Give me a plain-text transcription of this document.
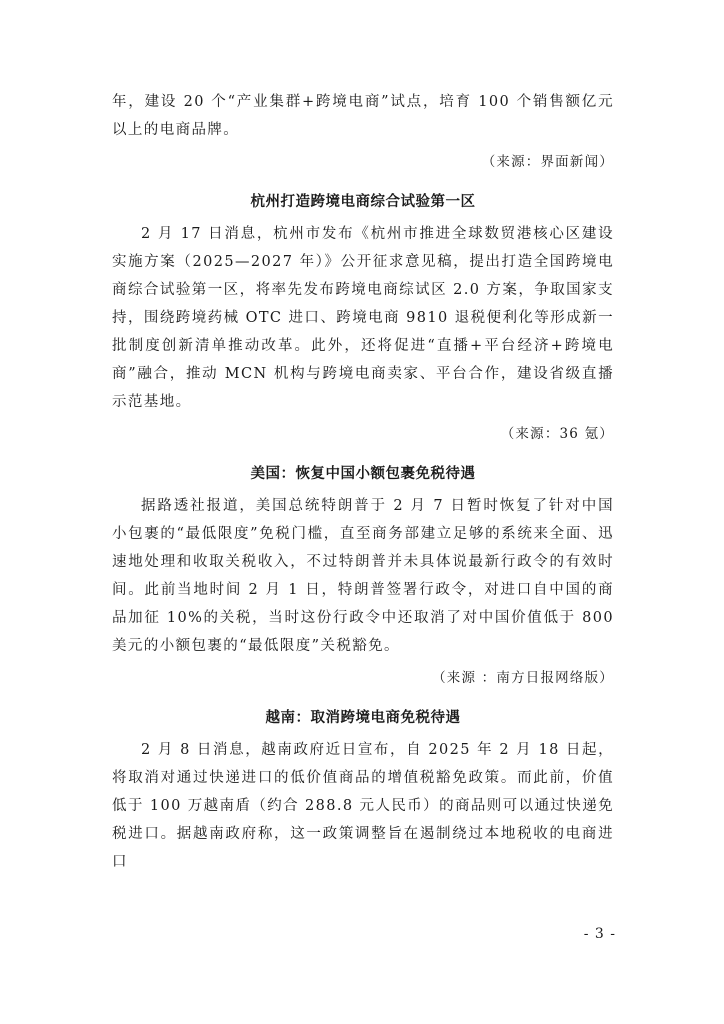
年，建设 20 个“产业集群+跨境电商”试点，培育 100 个销售额亿元以上的电商品牌。

（来源：界面新闻）

杭州打造跨境电商综合试验第一区

2 月 17 日消息，杭州市发布《杭州市推进全球数贸港核心区建设实施方案（2025—2027 年）》公开征求意见稿，提出打造全国跨境电商综合试验第一区，将率先发布跨境电商综试区 2.0 方案，争取国家支持，围绕跨境药械 OTC 进口、跨境电商 9810 退税便利化等形成新一批制度创新清单推动改革。此外，还将促进“直播+平台经济+跨境电商”融合，推动 MCN 机构与跨境电商卖家、平台合作，建设省级直播示范基地。

（来源：36 氪）

美国：恢复中国小额包裹免税待遇

据路透社报道，美国总统特朗普于 2 月 7 日暂时恢复了针对中国小包裹的“最低限度”免税门槛，直至商务部建立足够的系统来全面、迅速地处理和收取关税收入，不过特朗普并未具体说最新行政令的有效时间。此前当地时间 2 月 1 日，特朗普签署行政令，对进口自中国的商品加征 10%的关税，当时这份行政令中还取消了对中国价值低于 800 美元的小额包裹的“最低限度”关税豁免。

（来源 ：南方日报网络版）

越南：取消跨境电商免税待遇

2 月 8 日消息，越南政府近日宣布，自 2025 年 2 月 18 日起，将取消对通过快递进口的低价值商品的增值税豁免政策。而此前，价值低于 100 万越南盾（约合 288.8 元人民币）的商品则可以通过快递免税进口。据越南政府称，这一政策调整旨在遏制绕过本地税收的电商进口

- 3 -
